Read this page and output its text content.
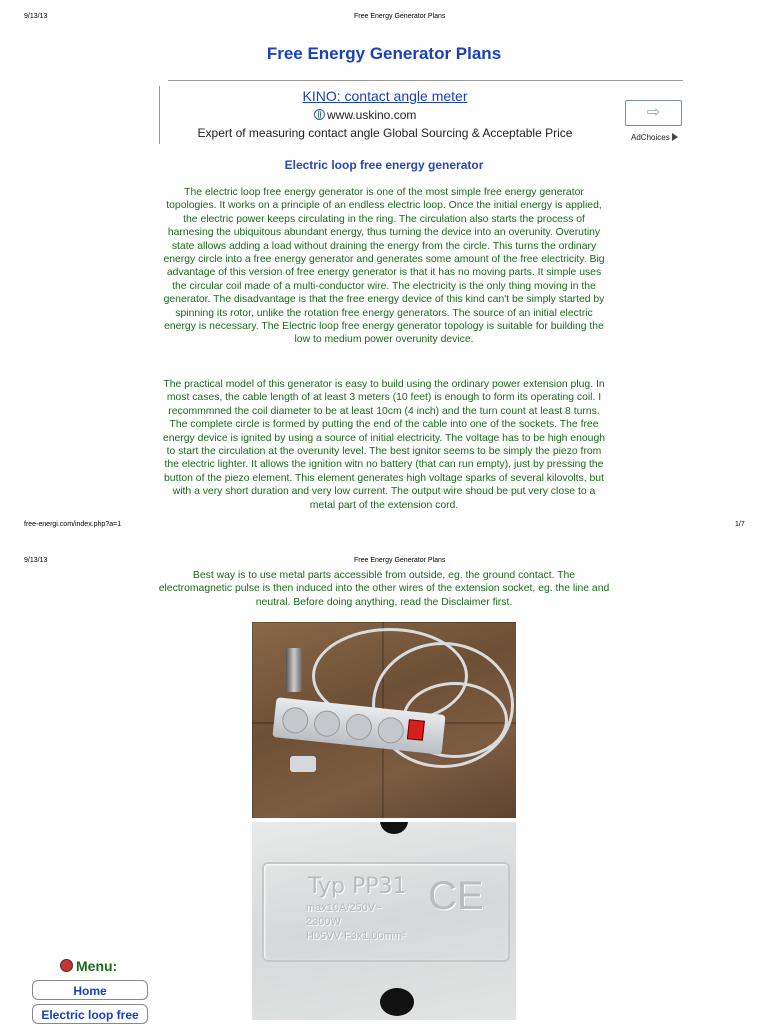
9/13/13	Free Energy Generator Plans
Free Energy Generator Plans
KINO: contact angle meter
www.uskino.com
Expert of measuring contact angle Global Sourcing & Acceptable Price
⇨
AdChoices
Electric loop free energy generator
The electric loop free energy generator is one of the most simple free energy generator topologies. It works on a principle of an endless electric loop. Once the initial energy is applied, the electric power keeps circulating in the ring. The circulation also starts the process of harnesing the ubiquitous abundant energy, thus turning the device into an overunity. Overutiny state allows adding a load without draining the energy from the circle. This turns the ordinary energy circle into a free energy generator and generates some amount of the free electricity. Big advantage of this version of free energy generator is that it has no moving parts. It simple uses the circular coil made of a multi-conductor wire. The electricity is the only thing moving in the generator. The disadvantage is that the free energy device of this kind can't be simply started by spinning its rotor, unlike the rotation free energy generators. The source of an initial electric energy is necessary. The Electric loop free energy generator topology is suitable for building the low to medium power overunity device.
The practical model of this generator is easy to build using the ordinary power extension plug. In most cases, the cable length of at least 3 meters (10 feet) is enough to form its operating coil. I recommmned the coil diameter to be at least 10cm (4 inch) and the turn count at least 8 turns. The complete circle is formed by putting the end of the cable into one of the sockets. The free energy device is ignited by using a source of initial electricity. The voltage has to be high enough to start the circulation at the overunity level. The best ignitor seems to be simply the piezo from the electric lighter. It allows the ignition witn no battery (that can run empty), just by pressing the button of the piezo element. This element generates high voltage sparks of several kilovolts, but with a very short duration and very low current. The output wire shoud be put very close to a metal part of the extension cord.
free-energi.com/index.php?a=1	1/7
9/13/13	Free Energy Generator Plans
Best way is to use metal parts accessible from outside, eg. the ground contact. The electromagnetic pulse is then induced into the other wires of the extension socket, eg. the line and neutral. Before doing anything, read the Disclaimer first.
Typ PP31 CE
max10A/250V~
2300W
H05VV-F3x1,00mm²
Menu:
Home
Electric loop free
